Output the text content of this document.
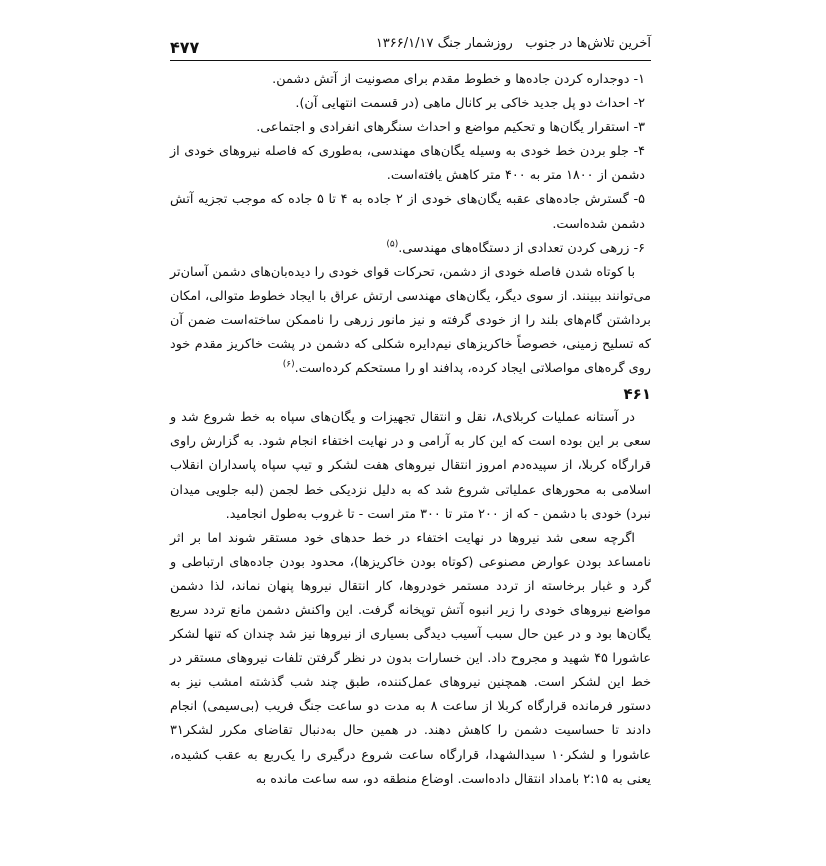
۴۷۷	آخرین تلاش‌ها در جنوب   روزشمار جنگ ۱۳۶۶/۱/۱۷
۱- دوجداره کردن جاده‌ها و خطوط مقدم برای مصونیت از آتش دشمن.
۲- احداث دو پل جدید خاکی بر کانال ماهی (در قسمت انتهایی آن).
۳- استقرار یگان‌ها و تحکیم مواضع و احداث سنگرهای انفرادی و اجتماعی.
۴- جلو بردن خط خودی به وسیله یگان‌های مهندسی، به‌طوری که فاصله نیروهای خودی از دشمن از ۱۸۰۰ متر به ۴۰۰ متر کاهش یافته‌است.
۵- گسترش جاده‌های عقبه یگان‌های خودی از ۲ جاده به ۴ تا ۵ جاده که موجب تجزیه آتش دشمن شده‌است.
۶- زرهی کردن تعدادی از دستگاه‌های مهندسی.$^{(۵)}$

با کوتاه شدن فاصله خودی از دشمن، تحرکات قوای خودی را دیده‌بان‌های دشمن آسان‌تر می‌توانند ببینند. از سوی دیگر، یگان‌های مهندسی ارتش عراق با ایجاد خطوط متوالی، امکان برداشتن گام‌های بلند را از خودی گرفته و نیز مانور زرهی را ناممکن ساخته‌است ضمن آن که تسلیح زمینی، خصوصاً خاکریزهای نیم‌دایره شکلی که دشمن در پشت خاکریز مقدم خود روی گره‌های مواصلاتی ایجاد کرده، پدافند او را مستحکم کرده‌است.$^{(۶)}$

۴۶۱

در آستانه عملیات کربلای۸، نقل و انتقال تجهیزات و یگان‌های سپاه به خط شروع شد و سعی بر این بوده است که این کار به آرامی و در نهایت اختفاء انجام شود. به گزارش راوی قرارگاه کربلا، از سپیده‌دم امروز انتقال نیروهای هفت لشکر و تیپ سپاه پاسداران انقلاب اسلامی به محورهای عملیاتی شروع شد که به دلیل نزدیکی خط لجمن (لبه جلویی میدان نبرد) خودی با دشمن - که از ۲۰۰ متر تا ۳۰۰ متر است - تا غروب به‌طول انجامید.

اگرچه سعی شد نیروها در نهایت اختفاء در خط حدهای خود مستقر شوند اما بر اثر نامساعد بودن عوارض مصنوعی (کوتاه بودن خاکریزها)، محدود بودن جاده‌های ارتباطی و گرد و غبار برخاسته از تردد مستمر خودروها، کار انتقال نیروها پنهان نماند، لذا دشمن مواضع نیروهای خودی را زیر انبوه آتش توپخانه گرفت. این واکنش دشمن مانع تردد سریع یگان‌ها بود و در عین حال سبب آسیب دیدگی بسیاری از نیروها نیز شد چندان که تنها لشکر عاشورا ۴۵ شهید و مجروح داد. این خسارات بدون در نظر گرفتن تلفات نیروهای مستقر در خط این لشکر است. همچنین نیروهای عمل‌کننده، طبق چند شب گذشته امشب نیز به دستور فرمانده قرارگاه کربلا از ساعت ۸ به مدت دو ساعت جنگ فریب (بی‌سیمی) انجام دادند تا حساسیت دشمن را کاهش دهند. در همین حال به‌دنبال تقاضای مکرر لشکر۳۱ عاشورا و لشکر۱۰ سیدالشهدا، قرارگاه ساعت شروع درگیری را یک‌ربع به عقب کشیده، یعنی به ۲:۱۵ بامداد انتقال داده‌است. اوضاع منطقه دو، سه ساعت مانده به
